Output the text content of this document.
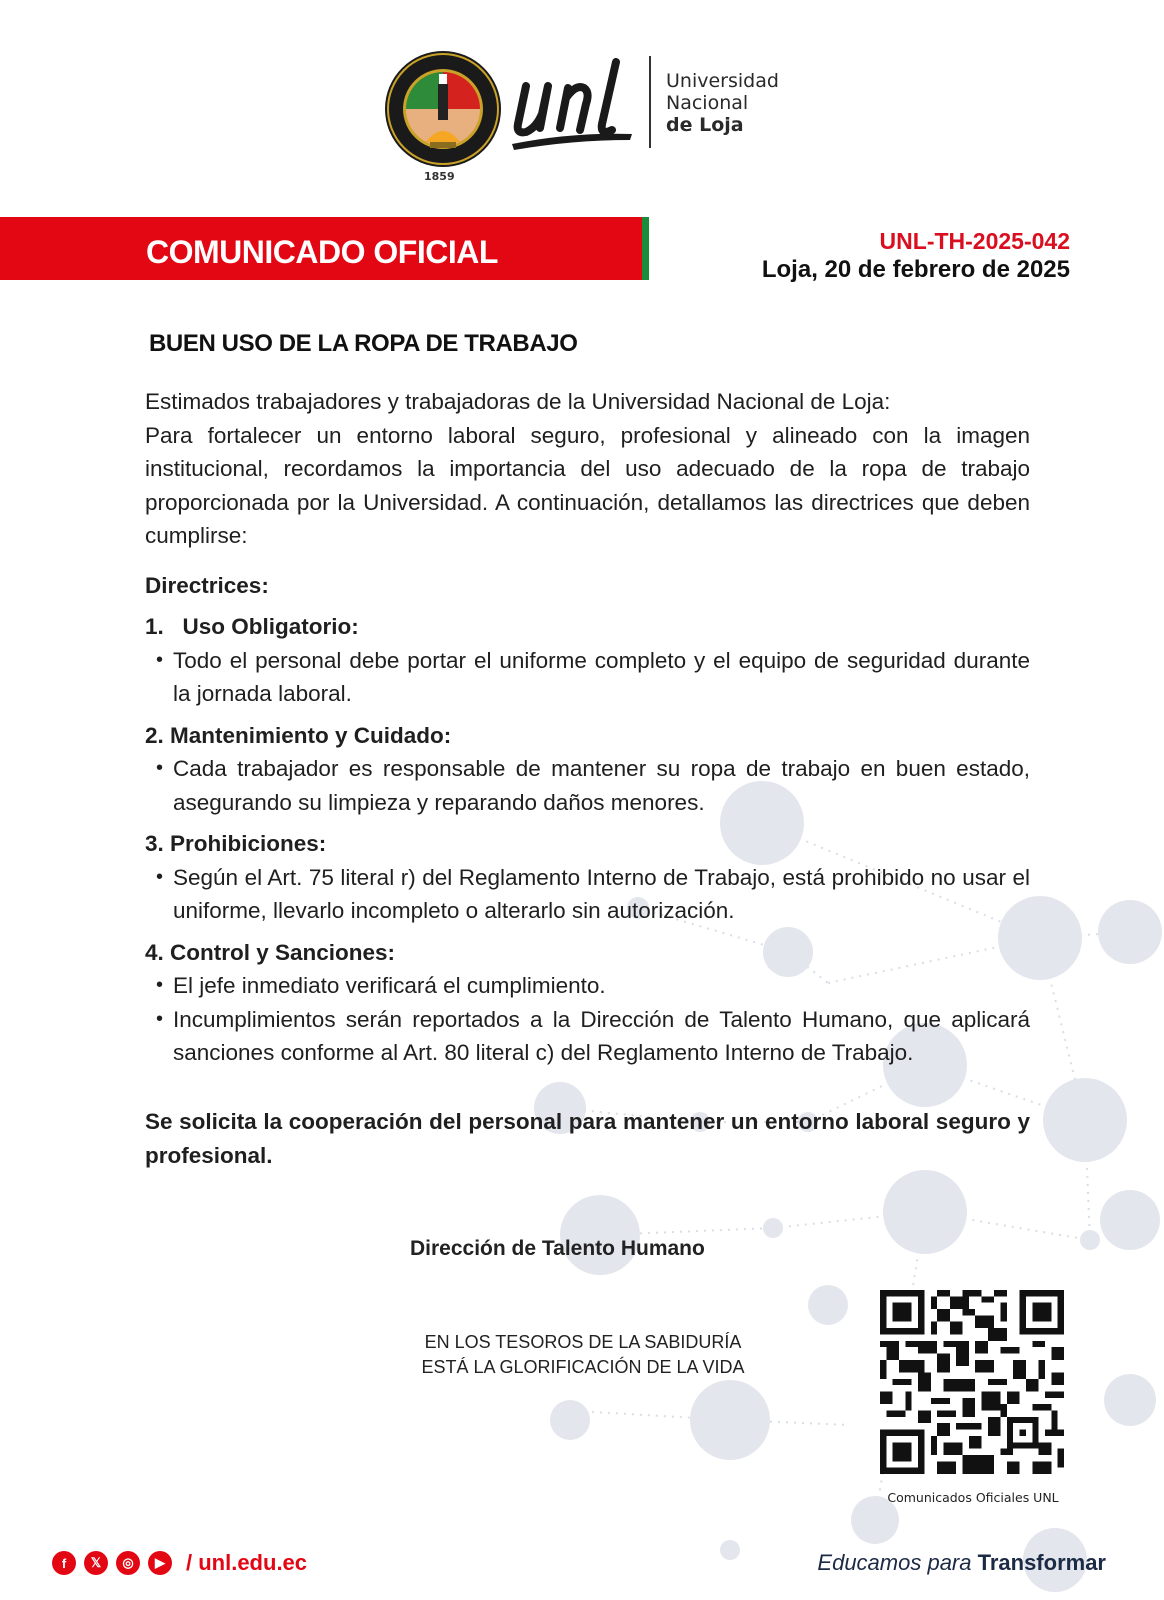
1859
Universidad
Nacional
de Loja
COMUNICADO OFICIAL	UNL-TH-2025-042
Loja, 20 de febrero de 2025
BUEN USO DE LA ROPA DE TRABAJO

Estimados trabajadores y trabajadoras de la Universidad Nacional de Loja:

Para fortalecer un entorno laboral seguro, profesional y alineado con la imagen institucional, recordamos la importancia del uso adecuado de la ropa de trabajo proporcionada por la Universidad. A continuación, detallamos las directrices que deben cumplirse:

Directrices:
1.   Uso Obligatorio:
• Todo el personal debe portar el uniforme completo y el equipo de seguridad durante la jornada laboral.
2. Mantenimiento y Cuidado:
• Cada trabajador es responsable de mantener su ropa de trabajo en buen estado, asegurando su limpieza y reparando daños menores.
3. Prohibiciones:
• Según el Art. 75 literal r) del Reglamento Interno de Trabajo, está prohibido no usar el uniforme, llevarlo incompleto o alterarlo sin autorización.
4. Control y Sanciones:
• El jefe inmediato verificará el cumplimiento.
• Incumplimientos serán reportados a la Dirección de Talento Humano, que aplicará sanciones conforme al Art. 80 literal c) del Reglamento Interno de Trabajo.
Se solicita la cooperación del personal para mantener un entorno laboral seguro y profesional.
Dirección de Talento Humano
EN LOS TESOROS DE LA SABIDURÍA
ESTÁ LA GLORIFICACIÓN DE LA VIDA
Comunicados Oficiales UNL
f	𝕏	◎	▶ / unl.edu.ec	Educamos para Transformar
